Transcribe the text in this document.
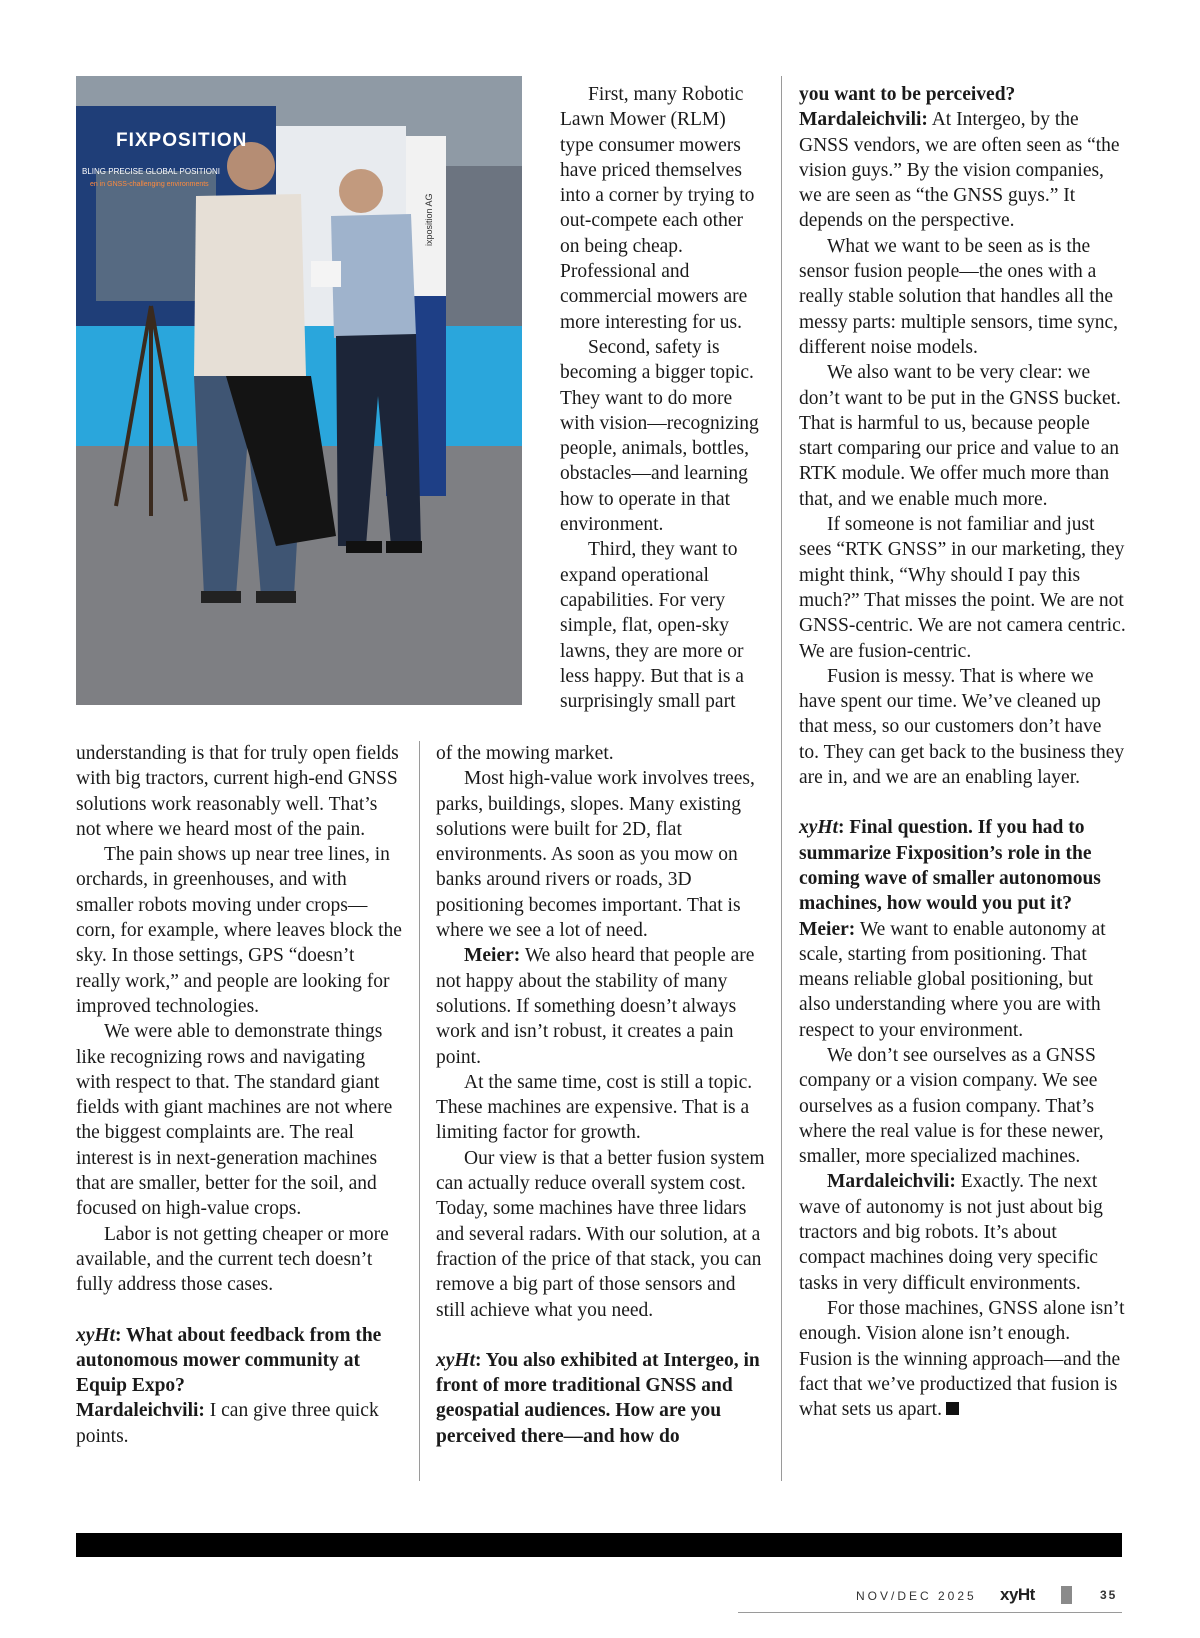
FIXPOSITION
BLING PRECISE GLOBAL POSITIONI
en in GNSS-challenging environments
ixposition AG

understanding is that for truly open fields with big tractors, current high-end GNSS solutions work reasonably well. That’s not where we heard most of the pain.

The pain shows up near tree lines, in orchards, in greenhouses, and with smaller robots moving under crops—corn, for example, where leaves block the sky. In those settings, GPS “doesn’t really work,” and people are looking for improved technologies.

We were able to demonstrate things like recognizing rows and navigating with respect to that. The standard giant fields with giant machines are not where the biggest complaints are. The real interest is in next-generation machines that are smaller, better for the soil, and focused on high-value crops.

Labor is not getting cheaper or more available, and the current tech doesn’t fully address those cases.

xyHt: What about feedback from the autonomous mower community at Equip Expo?

Mardaleichvili: I can give three quick points.

First, many Robotic Lawn Mower (RLM) type consumer mowers have priced themselves into a corner by trying to out-compete each other on being cheap. Professional and commercial mowers are more interesting for us.

Second, safety is becoming a bigger topic. They want to do more with vision—recognizing people, animals, bottles, obstacles—and learning how to operate in that environment.

Third, they want to expand operational capabilities. For very simple, flat, open-sky lawns, they are more or less happy. But that is a surprisingly small part

of the mowing market.

Most high-value work involves trees, parks, buildings, slopes. Many existing solutions were built for 2D, flat environments. As soon as you mow on banks around rivers or roads, 3D positioning becomes important. That is where we see a lot of need.

Meier: We also heard that people are not happy about the stability of many solutions. If something doesn’t always work and isn’t robust, it creates a pain point.

At the same time, cost is still a topic. These machines are expensive. That is a limiting factor for growth.

Our view is that a better fusion system can actually reduce overall system cost. Today, some machines have three lidars and several radars. With our solution, at a fraction of the price of that stack, you can remove a big part of those sensors and still achieve what you need.

xyHt: You also exhibited at Intergeo, in front of more traditional GNSS and geospatial audiences. How are you perceived there—and how do

you want to be perceived?

Mardaleichvili: At Intergeo, by the GNSS vendors, we are often seen as “the vision guys.” By the vision companies, we are seen as “the GNSS guys.” It depends on the perspective.

What we want to be seen as is the sensor fusion people—the ones with a really stable solution that handles all the messy parts: multiple sensors, time sync, different noise models.

We also want to be very clear: we don’t want to be put in the GNSS bucket. That is harmful to us, because people start comparing our price and value to an RTK module. We offer much more than that, and we enable much more.

If someone is not familiar and just sees “RTK GNSS” in our marketing, they might think, “Why should I pay this much?” That misses the point. We are not GNSS-centric. We are not camera centric. We are fusion-centric.

Fusion is messy. That is where we have spent our time. We’ve cleaned up that mess, so our customers don’t have to. They can get back to the business they are in, and we are an enabling layer.

xyHt: Final question. If you had to summarize Fixposition’s role in the coming wave of smaller autonomous machines, how would you put it?

Meier: We want to enable autonomy at scale, starting from positioning. That means reliable global positioning, but also understanding where you are with respect to your environment.

We don’t see ourselves as a GNSS company or a vision company. We see ourselves as a fusion company. That’s where the real value is for these newer, smaller, more specialized machines.

Mardaleichvili: Exactly. The next wave of autonomy is not just about big tractors and big robots. It’s about compact machines doing very specific tasks in very difficult environments.

For those machines, GNSS alone isn’t enough. Vision alone isn’t enough. Fusion is the winning approach—and the fact that we’ve productized that fusion is what sets us apart.

NOV/DEC 2025 xyHt	35
